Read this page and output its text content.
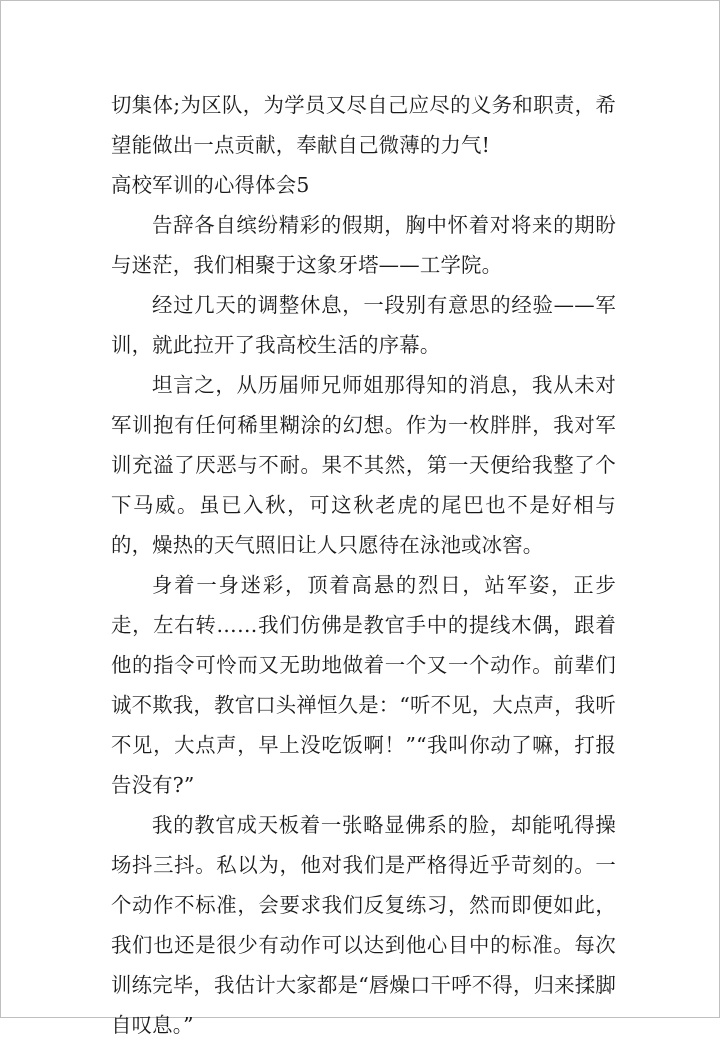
切集体;为区队，为学员又尽自己应尽的义务和职责，希望能做出一点贡献，奉献自己微薄的力气!

高校军训的心得体会5

告辞各自缤纷精彩的假期，胸中怀着对将来的期盼与迷茫，我们相聚于这象牙塔——工学院。

经过几天的调整休息，一段别有意思的经验——军训，就此拉开了我高校生活的序幕。

坦言之，从历届师兄师姐那得知的消息，我从未对军训抱有任何稀里糊涂的幻想。作为一枚胖胖，我对军训充溢了厌恶与不耐。果不其然，第一天便给我整了个下马威。虽已入秋，可这秋老虎的尾巴也不是好相与的，燥热的天气照旧让人只愿待在泳池或冰窖。

身着一身迷彩，顶着高悬的烈日，站军姿，正步走，左右转……我们仿佛是教官手中的提线木偶，跟着他的指令可怜而又无助地做着一个又一个动作。前辈们诚不欺我，教官口头禅恒久是：“听不见，大点声，我听不见，大点声，早上没吃饭啊！”“我叫你动了嘛，打报告没有?”

我的教官成天板着一张略显佛系的脸，却能吼得操场抖三抖。私以为，他对我们是严格得近乎苛刻的。一个动作不标准，会要求我们反复练习，然而即便如此，我们也还是很少有动作可以达到他心目中的标准。每次训练完毕，我估计大家都是“唇燥口干呼不得，归来揉脚自叹息。”
